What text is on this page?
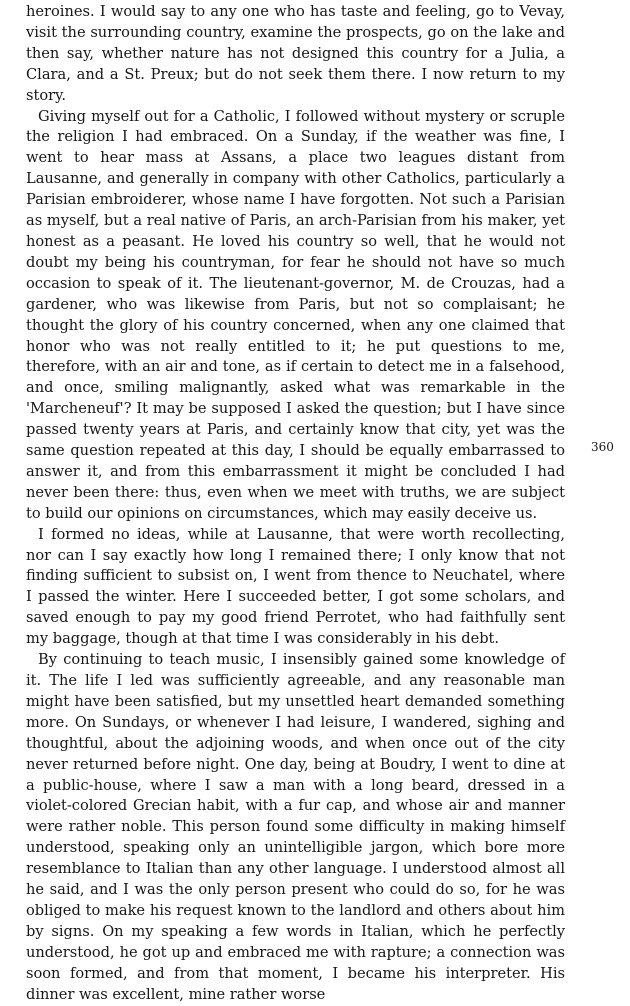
heroines. I would say to any one who has taste and feeling, go to Vevay, visit the surrounding country, examine the prospects, go on the lake and then say, whether nature has not designed this country for a Julia, a Clara, and a St. Preux; but do not seek them there. I now return to my story.

Giving myself out for a Catholic, I followed without mystery or scruple the religion I had embraced. On a Sunday, if the weather was fine, I went to hear mass at Assans, a place two leagues distant from Lausanne, and generally in company with other Catholics, particularly a Parisian embroiderer, whose name I have forgotten. Not such a Parisian as myself, but a real native of Paris, an arch-Parisian from his maker, yet honest as a peasant. He loved his country so well, that he would not doubt my being his countryman, for fear he should not have so much occasion to speak of it. The lieutenant-governor, M. de Crouzas, had a gardener, who was likewise from Paris, but not so complaisant; he thought the glory of his country concerned, when any one claimed that honor who was not really entitled to it; he put questions to me, therefore, with an air and tone, as if certain to detect me in a falsehood, and once, smiling malignantly, asked what was remarkable in the 'Marcheneuf'? It may be supposed I asked the question; but I have since passed twenty years at Paris, and certainly know that city, yet was the same question repeated at this day, I should be equally embarrassed to answer it, and from this embarrassment it might be concluded I had never been there: thus, even when we meet with truths, we are subject to build our opinions on circumstances, which may easily deceive us.

I formed no ideas, while at Lausanne, that were worth recollecting, nor can I say exactly how long I remained there; I only know that not finding sufficient to subsist on, I went from thence to Neuchatel, where I passed the winter. Here I succeeded better, I got some scholars, and saved enough to pay my good friend Perrotet, who had faithfully sent my baggage, though at that time I was considerably in his debt.

By continuing to teach music, I insensibly gained some knowledge of it. The life I led was sufficiently agreeable, and any reasonable man might have been satisfied, but my unsettled heart demanded something more. On Sundays, or whenever I had leisure, I wandered, sighing and thoughtful, about the adjoining woods, and when once out of the city never returned before night. One day, being at Boudry, I went to dine at a public-house, where I saw a man with a long beard, dressed in a violet-colored Grecian habit, with a fur cap, and whose air and manner were rather noble. This person found some difficulty in making himself understood, speaking only an unintelligible jargon, which bore more resemblance to Italian than any other language. I understood almost all he said, and I was the only person present who could do so, for he was obliged to make his request known to the landlord and others about him by signs. On my speaking a few words in Italian, which he perfectly understood, he got up and embraced me with rapture; a connection was soon formed, and from that moment, I became his interpreter. His dinner was excellent, mine rather worse

360
